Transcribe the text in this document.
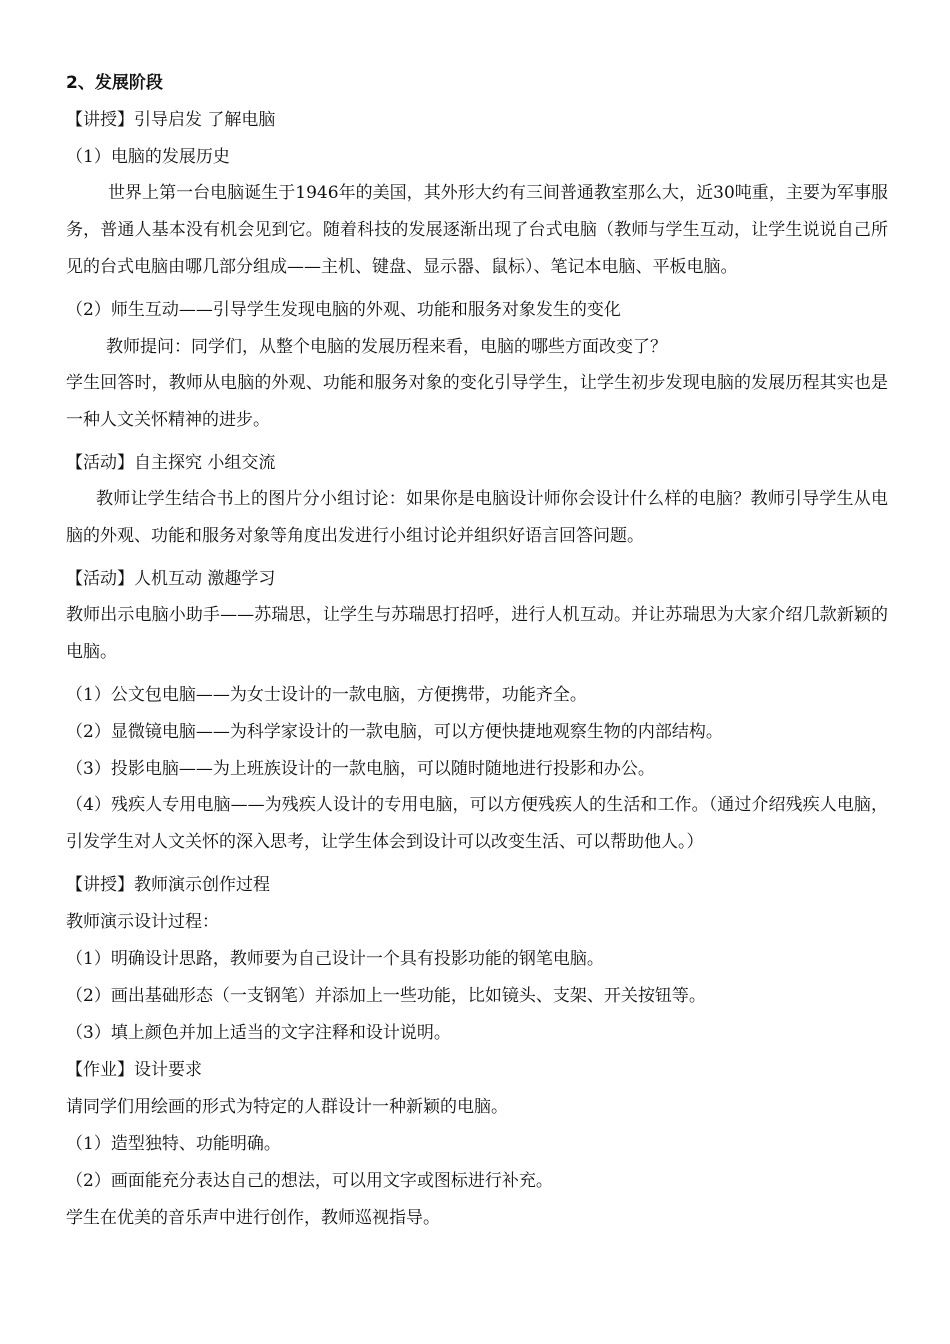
2、发展阶段
【讲授】引导启发 了解电脑
（1）电脑的发展历史
世界上第一台电脑诞生于1946年的美国，其外形大约有三间普通教室那么大，近30吨重，主要为军事服务，普通人基本没有机会见到它。随着科技的发展逐渐出现了台式电脑（教师与学生互动，让学生说说自己所见的台式电脑由哪几部分组成——主机、键盘、显示器、鼠标）、笔记本电脑、平板电脑。
（2）师生互动——引导学生发现电脑的外观、功能和服务对象发生的变化
教师提问：同学们，从整个电脑的发展历程来看，电脑的哪些方面改变了？
学生回答时，教师从电脑的外观、功能和服务对象的变化引导学生，让学生初步发现电脑的发展历程其实也是一种人文关怀精神的进步。
【活动】自主探究 小组交流
教师让学生结合书上的图片分小组讨论：如果你是电脑设计师你会设计什么样的电脑？教师引导学生从电脑的外观、功能和服务对象等角度出发进行小组讨论并组织好语言回答问题。
【活动】人机互动 激趣学习
教师出示电脑小助手——苏瑞思，让学生与苏瑞思打招呼，进行人机互动。并让苏瑞思为大家介绍几款新颖的电脑。
（1）公文包电脑——为女士设计的一款电脑，方便携带，功能齐全。
（2）显微镜电脑——为科学家设计的一款电脑，可以方便快捷地观察生物的内部结构。
（3）投影电脑——为上班族设计的一款电脑，可以随时随地进行投影和办公。
（4）残疾人专用电脑——为残疾人设计的专用电脑，可以方便残疾人的生活和工作。（通过介绍残疾人电脑，引发学生对人文关怀的深入思考，让学生体会到设计可以改变生活、可以帮助他人。）
【讲授】教师演示创作过程
教师演示设计过程：
（1）明确设计思路，教师要为自己设计一个具有投影功能的钢笔电脑。
（2）画出基础形态（一支钢笔）并添加上一些功能，比如镜头、支架、开关按钮等。
（3）填上颜色并加上适当的文字注释和设计说明。
【作业】设计要求
请同学们用绘画的形式为特定的人群设计一种新颖的电脑。
（1）造型独特、功能明确。
（2）画面能充分表达自己的想法，可以用文字或图标进行补充。
学生在优美的音乐声中进行创作，教师巡视指导。
